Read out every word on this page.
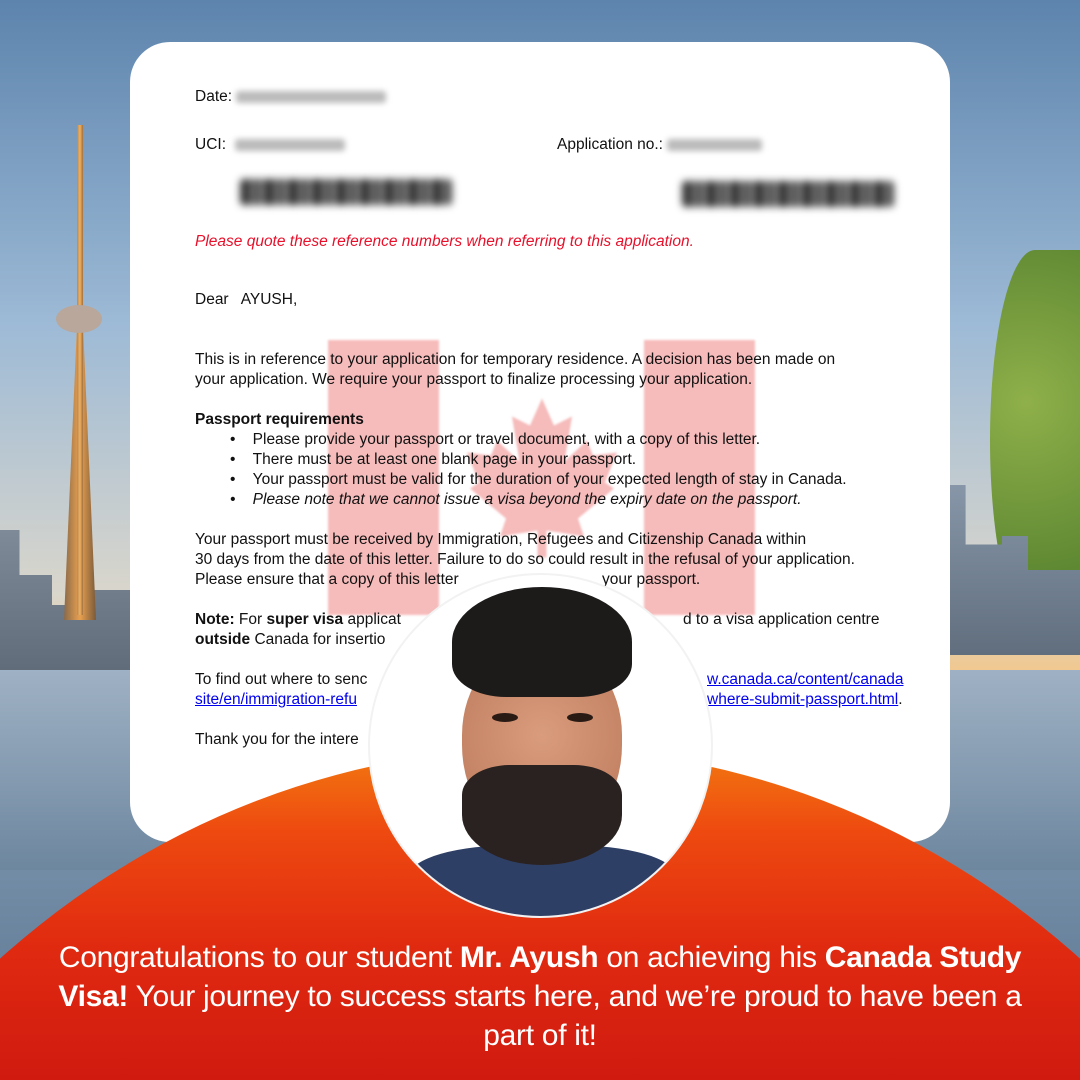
Date:
UCI:	Application no.:
Please quote these reference numbers when referring to this application.
Dear AYUSH,
This is in reference to your application for temporary residence. A decision has been made on
your application. We require your passport to finalize processing your application.
Passport requirements
•    Please provide your passport or travel document, with a copy of this letter.
•    There must be at least one blank page in your passport.
•    Your passport must be valid for the duration of your expected length of stay in Canada.
•    Please note that we cannot issue a visa beyond the expiry date on the passport.
Your passport must be received by Immigration, Refugees and Citizenship Canada within
30 days from the date of this letter. Failure to do so could result in the refusal of your application.
Please ensure that a copy of this letter	your passport.
Note: For super visa applicat	d to a visa application centre
outside Canada for insertio
To find out where to senc	w.canada.ca/content/canada
site/en/immigration-refu	where-submit-passport.html.
Thank you for the intere
Congratulations to our student Mr. Ayush on achieving his Canada Study Visa! Your journey to success starts here, and we’re proud to have been a part of it!
